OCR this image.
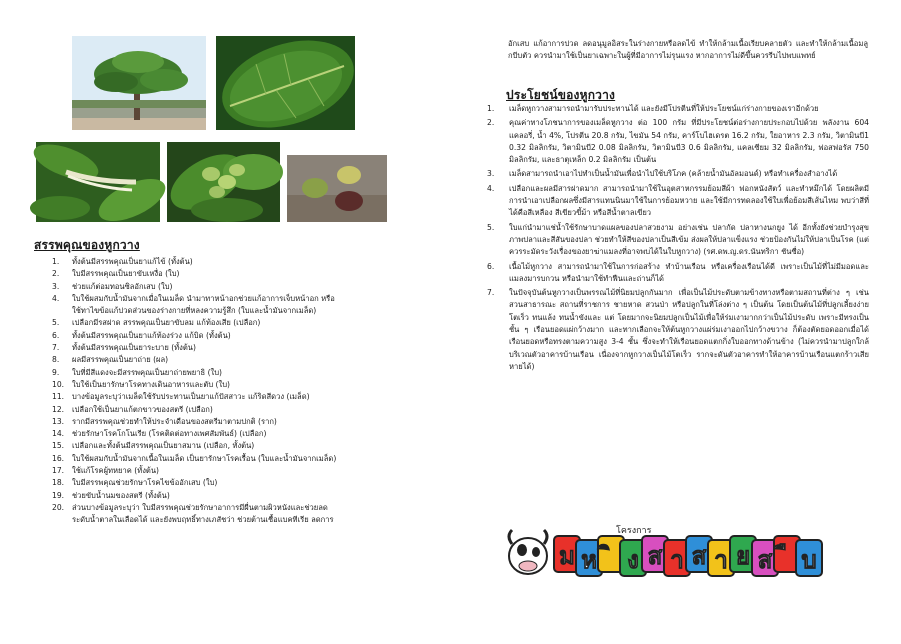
สรรพคุณของหูกวาง
1. ทั้งต้นมีสรรพคุณเป็นยาแก้ไข้ (ทั้งต้น)
2. ใบมีสรรพคุณเป็นยาขับเหงื่อ (ใบ)
3. ช่วยแก้ต่อมทอนซิลอักเสบ (ใบ)
4. ใบใช้ผสมกับน้ำมันจากเมื่อในเมล็ด นำมาทาหน้าอกช่วยแก้อาการเจ็บหน้าอก หรือ
ใช้ทาไขข้อแก้ปวดส่วนของร่างกายที่หลงความรู้สึก (ใบและน้ำมันจากเมล็ด)
5. เปลือกมีรสฝาด สรรพคุณเป็นยาขับลม แก้ท้องเสีย (เปลือก)
6. ทั้งต้นมีสรรพคุณเป็นยาแก้ท้องร่วง แก้บิด (ทั้งต้น)
7. ทั้งต้นมีสรรพคุณเป็นยาระบาย (ทั้งต้น)
8. ผลมีสรรพคุณเป็นยาถ่าย (ผล)
9. ใบที่มีสีแดงจะมีสรรพคุณเป็นยาถ่ายพยาธิ (ใบ)
10. ใบใช้เป็นยารักษาโรคทางเดินอาหารและตับ (ใบ)
11. บางข้อมูลระบุว่าเมล็ดใช้รับประทานเป็นยาแก้ปัสสาวะ แก้ริดสีดวง (เมล็ด)
12. เปลือกใช้เป็นยาแก้ตกขาวของสตรี (เปลือก)
13. รากมีสรรพคุณช่วยทำให้ประจำเดือนของสตรีมาตามปกติ (ราก)
14. ช่วยรักษาโรคโกโนเรีย (โรคติดต่อทางเพศสัมพันธ์) (เปลือก)
15. เปลือกและทั้งต้นมีสรรพคุณเป็นยาสมาน (เปลือก, ทั้งต้น)
16. ใบใช้ผสมกับน้ำมันจากเนื้อในเมล็ด เป็นยารักษาโรคเรื้อน (ใบและน้ำมันจากเมล็ด)
17. ใช้แก้โรคผู้ทหยาค (ทั้งต้น)
18. ใบมีสรรพคุณช่วยรักษาโรคไขข้ออักเสบ (ใบ)
19. ช่วยขับน้ำนมของสตรี (ทั้งต้น)
20. ส่วนบางข้อมูลระบุว่า ใบมีสรรพคุณช่วยรักษาอาการมีผื่นตามผิวหนังและช่วยลด
ระดับน้ำตาลในเลือดได้ และยังพบฤทธิ์ทางเภสัชว่า ช่วยต้านเชื้อแบคทีเรีย ลดการ

อักเสบ แก้อาการปวด ลดอนุมูลอิสระในร่างกายหรือลดไข้ ทำให้กล้ามเนื้อเรียบคลายตัว และทำให้กล้ามเนื้อมลูกบีบตัว ควรนำมาใช้เป็นยาเฉพาะในผู้ที่มีอาการไม่รุนแรง หากอาการไม่ดีขึ้นควรรีบไปพบแพทย์

ประโยชน์ของหูกวาง
1. เมล็ดหูกวางสามารถนำมารับประทานได้ และยังมีโปรตีนที่ให้ประโยชน์แก่ร่างกายของเราอีกด้วย
2. คุณค่าทางโภชนาการของเมล็ดหูกวาง ต่อ 100 กรัม ที่มีประโยชน์ต่อร่างกายประกอบไปด้วย พลังงาน 604 แคลอรี่, น้ำ 4%, โปรตีน 20.8 กรัม, ไขมัน 54 กรัม, คาร์โบไฮเดรต 16.2 กรัม, ใยอาหาร 2.3 กรัม, วิตามินบี1 0.32 มิลลิกรัม, วิตามินบี2 0.08 มิลลิกรัม, วิตามินบี3 0.6 มิลลิกรัม, แคลเซียม 32 มิลลิกรัม, ฟอสฟอรัส 750 มิลลิกรัม, และธาตุเหล็ก 0.2 มิลลิกรัม เป็นต้น
3. เมล็ดสามารถนำเอาไปทำเป็นน้ำมันเพื่อนำไปใช้บริโภค (คล้ายน้ำมันอัลมอนด์) หรือทำเครื่องสำอางได้
4. เปลือกและผลมีสารฝาดมาก สามารถนำมาใช้ในอุตสาหกรรมย้อมสีผ้า ฟอกหนังสัตว์ และทำหมึกได้ โดยผลิตมีการนำเอาเปลือกผลซึ่งมีสารแทนนินมาใช้ในการย้อมหวาย และใช้มีการทดลองใช้ใบเพื่อย้อมสีเส้นไหม พบว่าสีที่ได้คือสีเหลือง สีเขียวขี้ม้า หรือสีน้ำตาลเขียว
5. ใบแก่นำมาแช่น้ำใช้รักษาบาดแผลของปลาสวยงาม อย่างเช่น ปลากัด ปลาหางนกยูง ได้ อีกทั้งยังช่วยบำรุงสุขภาพปลาและสีสันของปลา ช่วยทำให้สีของปลาเป็นสีเข้ม ส่งผลให้ปลาแข็งแรง ช่วยป้องกันไม่ให้ปลาเป็นโรค (แต่ควรระมัดระวังเรื่องของยาฆ่าแมลงที่อาจพบได้ในใบหูกวาง) (รศ.ดพ.ญ.ดร.นันทริกา ชันซื่อ)
6. เนื้อไม้หูกวาง สามารถนำมาใช้ในการก่อสร้าง ทำบ้านเรือน หรือเครื่องเรือนได้ดี เพราะเป็นไม้ที่ไม่มีมอดและแมลงมารบกวน หรือนำมาใช้ทำฟืนและถ่านก็ได้
7. ในปัจจุบันต้นหูกวางเป็นพรรณไม้ที่นิยมปลูกกันมาก เพื่อเป็นไม้ประดับตามข้างทางหรือตามสถานที่ต่าง ๆ เช่น สวนสาธารณะ สถานที่ราชการ ชายหาด สวนป่า หรือปลูกในที่โล่งต่าง ๆ เป็นต้น โดยเป็นต้นไม้ที่ปลูกเลี้ยงง่าย โตเร็ว ทนแล้ง ทนน้ำขังและ แต่ โดยมากจะนิยมปลูกเป็นไม้เพื่อให้ร่มเงามากกว่าเป็นไม้ประดับ เพราะมีทรงเป็นชั้น ๆ เรือนยอดแผ่กว้างมาก และทากเลือกจะให้ต้นหูกวางแผ่ร่มเงาออกไปกว้างขวาง ก็ต้องตัดยอดออกเมื่อได้เรือนยอดหรือทรงตามความสูง 3-4 ชั้น ซึ่งจะทำให้เรือนยอดแตกกิ่งใบออกทางด้านข้าง (ไม่ควรนำมาปลูกใกล้บริเวณตัวอาคารบ้านเรือน เนื่องจากหูกวางเป็นไม้โตเร็ว รากจะดันตัวอาคารทำให้อาคารบ้านเรือนแตกร้าวเสียหายได้)
ม ห ง ส า ส า ย ส บ
โครงการ
